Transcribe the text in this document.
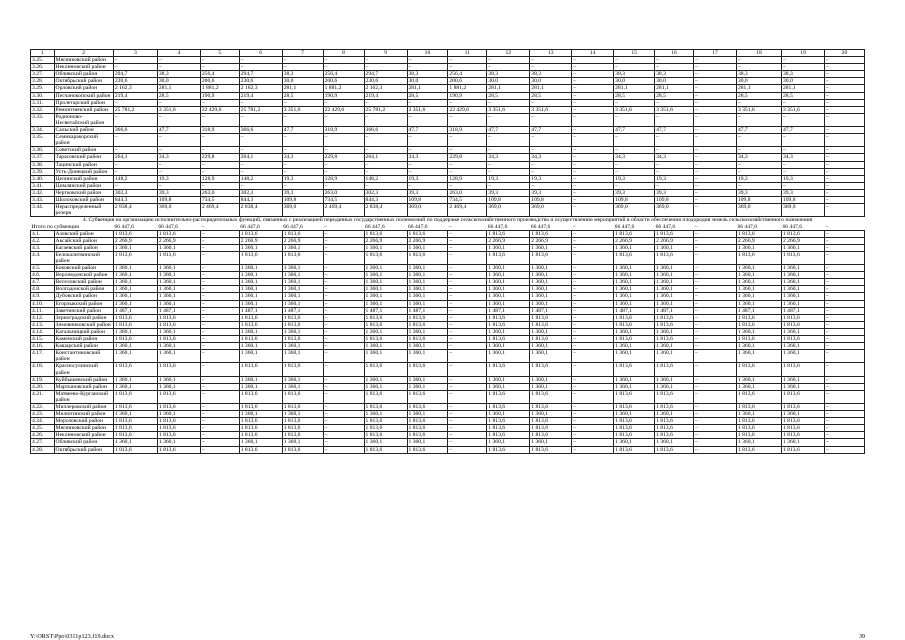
1	2	3	4	5	6	7	8	9	10	11	12	13	14	15	16	17	18	19	20
3.25.	Мясниковский район	–	–	–	–	–	–	–	–	–	–	–	–	–	–	–	–	–	–
3.26.	Неклиновский район	–	–	–	–	–	–	–	–	–	–	–	–	–	–	–	–	–	–
3.27.	Обливский район	294,7	38,3	256,4	294,7	38,3	256,4	294,7	38,3	256,4	38,3	38,3	–	38,3	38,3	–	38,3	38,3	–
3.28.	Октябрьский район	230,6	30,0	200,6	230,6	30,0	200,6	230,6	30,0	200,6	30,0	30,0	–	30,0	30,0	–	30,0	30,0	–
3.29.	Орловский район	2 162,3	281,1	1 881,2	2 162,3	281,1	1 881,2	2 162,3	281,1	1 881,2	281,1	281,1	–	281,1	281,1	–	281,1	281,1	–
3.30.	Песчанокопский район	219,4	28,5	190,9	219,4	28,5	190,9	219,4	28,5	190,9	28,5	28,5	–	28,5	28,5	–	28,5	28,5	–
3.31.	Пролетарский район	–	–	–	–	–	–	–	–	–	–	–	–	–	–	–	–	–	–
3.32.	Ремонтненский район	25 781,2	3 351,6	22 429,6	25 781,2	3 351,6	22 429,6	25 781,2	3 351,6	22 429,6	3 351,6	3 351,6	–	3 351,6	3 351,6	–	3 351,6	3 351,6	–
3.33.	Родионово-Несветайский район	–	–	–	–	–	–	–	–	–	–	–	–	–	–	–	–	–	–
3.34.	Сальский район	366,6	47,7	318,9	366,6	47,7	318,9	366,6	47,7	318,9	47,7	47,7	–	47,7	47,7	–	47,7	47,7	–
3.35.	Семикаракорский район	–	–	–	–	–	–	–	–	–	–	–	–	–	–	–	–	–	–
3.36.	Советский район	–	–	–	–	–	–	–	–	–	–	–	–	–	–	–	–	–	–
3.37.	Тарасовский район	264,1	34,3	229,8	264,1	34,3	229,8	264,1	34,3	229,8	34,3	34,3	–	34,3	34,3	–	34,3	34,3	–
3.38.	Тацинский район	–	–	–	–	–	–	–	–	–	–	–	–	–	–	–	–	–	–
3.39.	Усть-Донецкий район	–	–	–	–	–	–	–	–	–	–	–	–	–	–	–	–	–	–
3.40.	Целинский район	148,2	19,3	128,9	148,2	19,3	128,9	148,2	19,3	128,9	19,3	19,3	–	19,3	19,3	–	19,3	19,3	–
3.41.	Цимлянский район	–	–	–	–	–	–	–	–	–	–	–	–	–	–	–	–	–	–
3.42.	Чертковский район	302,3	39,3	263,0	302,3	39,3	263,0	302,3	39,3	263,0	39,3	39,3	–	39,3	39,3	–	39,3	39,3	–
3.43.	Шолоховский район	844,3	109,8	734,5	844,3	109,8	734,5	844,3	109,8	734,5	109,8	109,8	–	109,8	109,8	–	109,8	109,8	–
3.44.	Нераспределенный резерв	2 838,4	369,0	2 469,4	2 838,4	369,0	2 469,4	2 838,4	369,0	2 469,4	369,0	369,0	–	369,0	369,0	–	369,0	369,0	–
4. Субвенция на организацию исполнительно-распорядительных функций, связанных с реализацией переданных государственных полномочий по поддержке сельскохозяйственного производства и осуществлению мероприятий в области обеспечения плодородия земель сельскохозяйственного назначения																			
Итого по субвенции		66 447,6	66 447,6	–	66 447,6	66 447,6	–	66 447,6	66 447,6	–	66 447,6	66 447,6	–	66 447,6	66 447,6	–	66 447,6	66 447,6	–
4.1.	Азовский район	1 813,6	1 813,6	–	1 813,6	1 813,6	–	1 813,6	1 813,6	–	1 813,6	1 813,6	–	1 813,6	1 813,6	–	1 813,6	1 813,6	–
4.2.	Аксайский район	2 266,9	2 266,9	–	2 266,9	2 266,9	–	2 266,9	2 266,9	–	2 266,9	2 266,9	–	2 266,9	2 266,9	–	2 266,9	2 266,9	–
4.3.	Багаевский район	1 360,1	1 360,1	–	1 360,1	1 360,1	–	1 360,1	1 360,1	–	1 360,1	1 360,1	–	1 360,1	1 360,1	–	1 360,1	1 360,1	–
4.4.	Белокалитвинский район	1 813,6	1 813,6	–	1 813,6	1 813,6	–	1 813,6	1 813,6	–	1 813,6	1 813,6	–	1 813,6	1 813,6	–	1 813,6	1 813,6	–
4.5.	Боковский район	1 360,1	1 360,1	–	1 360,1	1 360,1	–	1 360,1	1 360,1	–	1 360,1	1 360,1	–	1 360,1	1 360,1	–	1 360,1	1 360,1	–
4.6.	Верхнедонской район	1 360,1	1 360,1	–	1 360,1	1 360,1	–	1 360,1	1 360,1	–	1 360,1	1 360,1	–	1 360,1	1 360,1	–	1 360,1	1 360,1	–
4.7.	Веселовский район	1 360,1	1 360,1	–	1 360,1	1 360,1	–	1 360,1	1 360,1	–	1 360,1	1 360,1	–	1 360,1	1 360,1	–	1 360,1	1 360,1	–
4.8.	Волгодонской район	1 360,1	1 360,1	–	1 360,1	1 360,1	–	1 360,1	1 360,1	–	1 360,1	1 360,1	–	1 360,1	1 360,1	–	1 360,1	1 360,1	–
4.9.	Дубовский район	1 360,1	1 360,1	–	1 360,1	1 360,1	–	1 360,1	1 360,1	–	1 360,1	1 360,1	–	1 360,1	1 360,1	–	1 360,1	1 360,1	–
4.10.	Егорлыкский район	1 360,1	1 360,1	–	1 360,1	1 360,1	–	1 360,1	1 360,1	–	1 360,1	1 360,1	–	1 360,1	1 360,1	–	1 360,1	1 360,1	–
4.11.	Заветинский район	1 487,1	1 487,1	–	1 487,1	1 487,1	–	1 487,1	1 487,1	–	1 487,1	1 487,1	–	1 487,1	1 487,1	–	1 487,1	1 487,1	–
4.12.	Зерноградский район	1 813,6	1 813,6	–	1 813,6	1 813,6	–	1 813,6	1 813,6	–	1 813,6	1 813,6	–	1 813,6	1 813,6	–	1 813,6	1 813,6	–
4.13.	Зимовниковский район	1 813,6	1 813,6	–	1 813,6	1 813,6	–	1 813,6	1 813,6	–	1 813,6	1 813,6	–	1 813,6	1 813,6	–	1 813,6	1 813,6	–
4.14.	Кагальницкий район	1 360,1	1 360,1	–	1 360,1	1 360,1	–	1 360,1	1 360,1	–	1 360,1	1 360,1	–	1 360,1	1 360,1	–	1 360,1	1 360,1	–
4.15.	Каменский район	1 813,6	1 813,6	–	1 813,6	1 813,6	–	1 813,6	1 813,6	–	1 813,6	1 813,6	–	1 813,6	1 813,6	–	1 813,6	1 813,6	–
4.16.	Кашарский район	1 360,1	1 360,1	–	1 360,1	1 360,1	–	1 360,1	1 360,1	–	1 360,1	1 360,1	–	1 360,1	1 360,1	–	1 360,1	1 360,1	–
4.17.	Константиновский район	1 360,1	1 360,1	–	1 360,1	1 360,1	–	1 360,1	1 360,1	–	1 360,1	1 360,1	–	1 360,1	1 360,1	–	1 360,1	1 360,1	–
4.18.	Красносулинский район	1 813,6	1 813,6	–	1 813,6	1 813,6	–	1 813,6	1 813,6	–	1 813,6	1 813,6	–	1 813,6	1 813,6	–	1 813,6	1 813,6	–
4.19.	Куйбышевский район	1 360,1	1 360,1	–	1 360,1	1 360,1	–	1 360,1	1 360,1	–	1 360,1	1 360,1	–	1 360,1	1 360,1	–	1 360,1	1 360,1	–
4.20.	Мартыновский район	1 360,1	1 360,1	–	1 360,1	1 360,1	–	1 360,1	1 360,1	–	1 360,1	1 360,1	–	1 360,1	1 360,1	–	1 360,1	1 360,1	–
4.21.	Матвеево-Курганский район	1 813,6	1 813,6	–	1 813,6	1 813,6	–	1 813,6	1 813,6	–	1 813,6	1 813,6	–	1 813,6	1 813,6	–	1 813,6	1 813,6	–
4.22.	Миллеровский район	1 813,6	1 813,6	–	1 813,6	1 813,6	–	1 813,6	1 813,6	–	1 813,6	1 813,6	–	1 813,6	1 813,6	–	1 813,6	1 813,6	–
4.23.	Милютинский район	1 360,1	1 360,1	–	1 360,1	1 360,1	–	1 360,1	1 360,1	–	1 360,1	1 360,1	–	1 360,1	1 360,1	–	1 360,1	1 360,1	–
4.24.	Морозовский район	1 813,6	1 813,6	–	1 813,6	1 813,6	–	1 813,6	1 813,6	–	1 813,6	1 813,6	–	1 813,6	1 813,6	–	1 813,6	1 813,6	–
4.25.	Мясниковский район	1 813,6	1 813,6	–	1 813,6	1 813,6	–	1 813,6	1 813,6	–	1 813,6	1 813,6	–	1 813,6	1 813,6	–	1 813,6	1 813,6	–
4.26.	Неклиновский район	1 813,6	1 813,6	–	1 813,6	1 813,6	–	1 813,6	1 813,6	–	1 813,6	1 813,6	–	1 813,6	1 813,6	–	1 813,6	1 813,6	–
4.27.	Обливский район	1 360,1	1 360,1	–	1 360,1	1 360,1	–	1 360,1	1 360,1	–	1 360,1	1 360,1	–	1 360,1	1 360,1	–	1 360,1	1 360,1	–
4.28.	Октябрьский район	1 813,6	1 813,6	–	1 813,6	1 813,6	–	1 813,6	1 813,6	–	1 813,6	1 813,6	–	1 813,6	1 813,6	–	1 813,6	1 813,6	–
Y:\ORST\Ppo\0311p123.f19.docx	39
